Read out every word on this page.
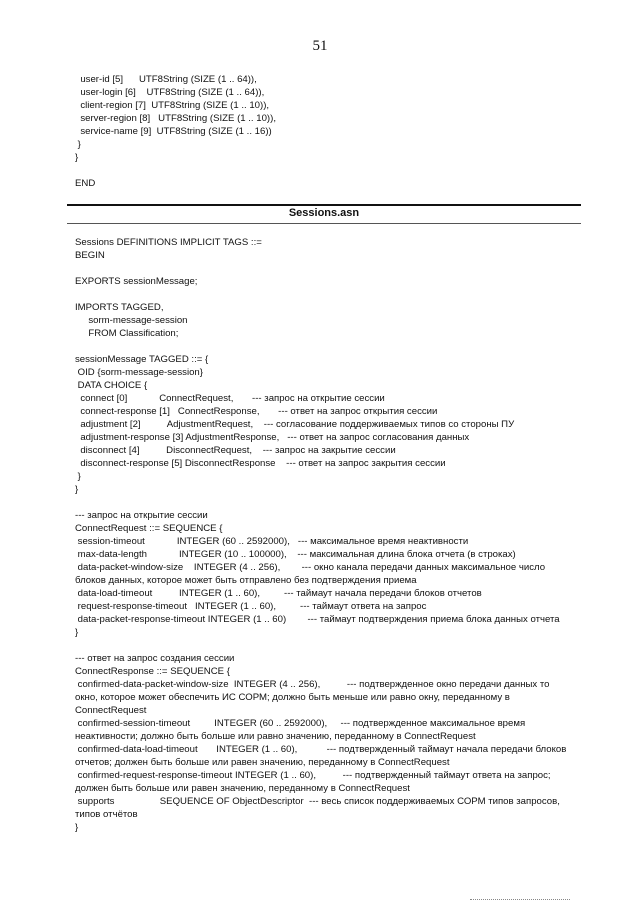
51
user-id [5]      UTF8String (SIZE (1 .. 64)),
user-login [6]    UTF8String (SIZE (1 .. 64)),
client-region [7]  UTF8String (SIZE (1 .. 10)),
server-region [8]   UTF8String (SIZE (1 .. 10)),
service-name [9]  UTF8String (SIZE (1 .. 16))
}
}
END
Sessions.asn
Sessions DEFINITIONS IMPLICIT TAGS ::=
BEGIN
EXPORTS sessionMessage;
IMPORTS TAGGED,
sorm-message-session
FROM Classification;
sessionMessage TAGGED ::= {
OID {sorm-message-session}
DATA CHOICE {
connect [0]            ConnectRequest,       --- запрос на открытие сессии
connect-response [1]   ConnectResponse,       --- ответ на запрос открытия сессии
adjustment [2]          AdjustmentRequest,    --- согласование поддерживаемых типов со стороны ПУ
adjustment-response [3] AdjustmentResponse,   --- ответ на запрос согласования данных
disconnect [4]          DisconnectRequest,    --- запрос на закрытие сессии
disconnect-response [5] DisconnectResponse    --- ответ на запрос закрытия сессии
}
}
--- запрос на открытие сессии
ConnectRequest ::= SEQUENCE {
session-timeout            INTEGER (60 .. 2592000),   --- максимальное время неактивности
max-data-length            INTEGER (10 .. 100000),    --- максимальная длина блока отчета (в строках)
data-packet-window-size    INTEGER (4 .. 256),        --- окно канала передачи данных максимальное число
блоков данных, которое может быть отправлено без подтверждения приема
data-load-timeout          INTEGER (1 .. 60),         --- таймаут начала передачи блоков отчетов
request-response-timeout   INTEGER (1 .. 60),         --- таймаут ответа на запрос
data-packet-response-timeout INTEGER (1 .. 60)        --- таймаут подтверждения приема блока данных отчета
}
--- ответ на запрос создания сессии
ConnectResponse ::= SEQUENCE {
confirmed-data-packet-window-size  INTEGER (4 .. 256),          --- подтвержденное окно передачи данных то
окно, которое может обеспечить ИС СОРМ; должно быть меньше или равно окну, переданному в
ConnectRequest
confirmed-session-timeout         INTEGER (60 .. 2592000),     --- подтвержденное максимальное время
неактивности; должно быть больше или равно значению, переданному в ConnectRequest
confirmed-data-load-timeout       INTEGER (1 .. 60),           --- подтвержденный таймаут начала передачи блоков
отчетов; должен быть больше или равен значению, переданному в ConnectRequest
confirmed-request-response-timeout INTEGER (1 .. 60),          --- подтвержденный таймаут ответа на запрос;
должен быть больше или равен значению, переданному в ConnectRequest
supports                 SEQUENCE OF ObjectDescriptor  --- весь список поддерживаемых СОРМ типов запросов,
типов отчётов
}
